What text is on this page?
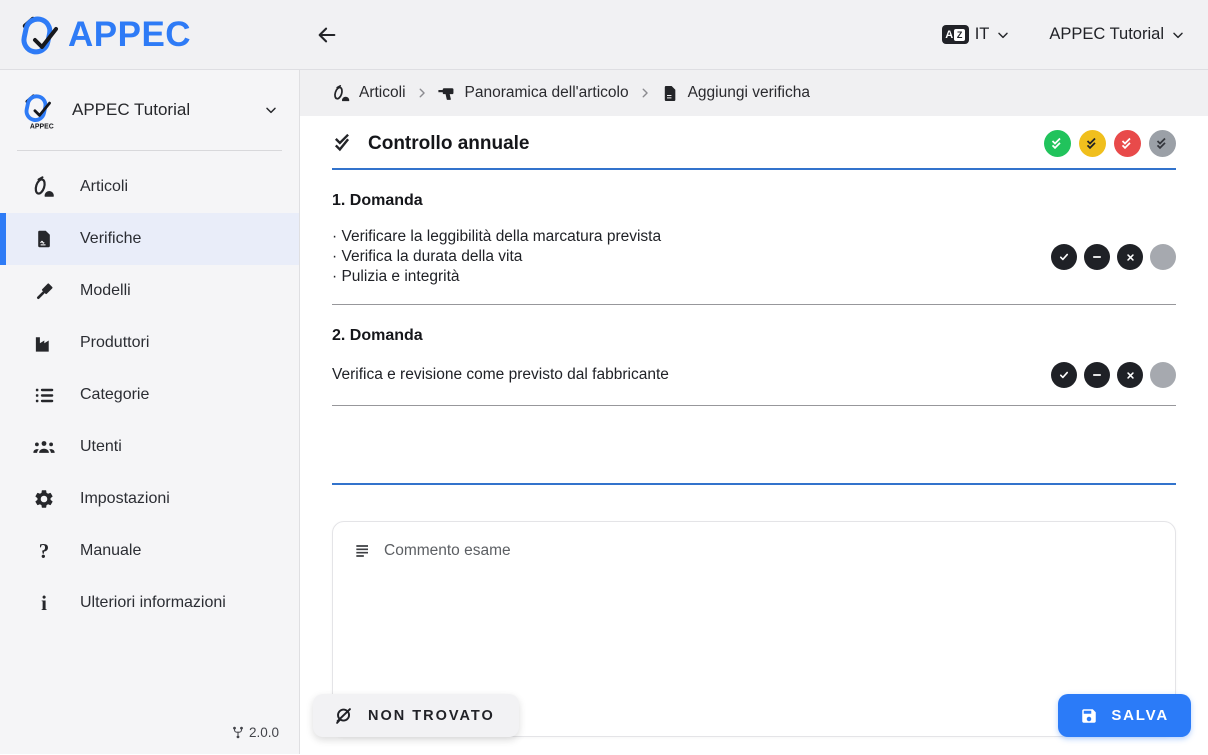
APPEC	A Z IT	APPEC Tutorial
APPEC
APPEC Tutorial
Articoli
Verifiche
Modelli
Produttori
Categorie
Utenti
Impostazioni
?	Manuale
i	Ulteriori informazioni
2.0.0
Articoli	Panoramica dell'articolo	Aggiungi verificha
Controllo annuale
1. Domanda
· Verificare la leggibilità della marcatura prevista
· Verifica la durata della vita
· Pulizia e integrità
2. Domanda
Verifica e revisione come previsto dal fabbricante
Commento esame
NON TROVATO	SALVA
